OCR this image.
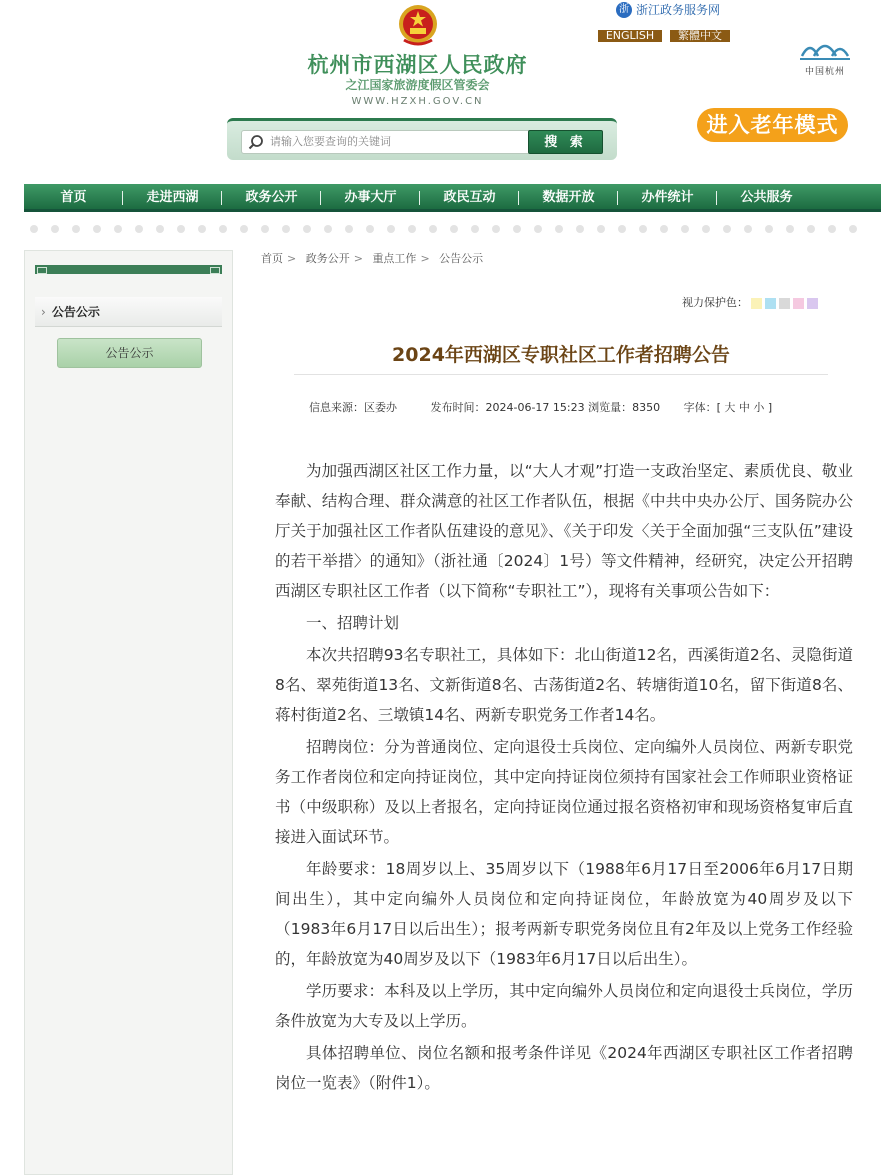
杭州市西湖区人民政府
之江国家旅游度假区管委会
WWW.HZXH.GOV.CN
浙 浙江政务服务网
ENGLISH	繁體中文
中国杭州
请输入您要查询的关键词	搜 索
进入老年模式
首页	走进西湖	政务公开	办事大厅	政民互动	数据开放	办件统计	公共服务
› 公告公示
公告公示
首页 > 政务公开 > 重点工作 > 公告公示
视力保护色：
2024年西湖区专职社区工作者招聘公告
信息来源：区委办	发布时间：2024-06-17 15:23 浏览量：8350 字体：[ 大 中 小 ]

为加强西湖区社区工作力量，以“大人才观”打造一支政治坚定、素质优良、敬业奉献、结构合理、群众满意的社区工作者队伍，根据《中共中央办公厅、国务院办公厅关于加强社区工作者队伍建设的意见》、《关于印发〈关于全面加强“三支队伍”建设的若干举措〉的通知》（浙社通〔2024〕1号）等文件精神，经研究，决定公开招聘西湖区专职社区工作者（以下简称“专职社工”），现将有关事项公告如下：

一、招聘计划

本次共招聘93名专职社工，具体如下：北山街道12名，西溪街道2名、灵隐街道8名、翠苑街道13名、文新街道8名、古荡街道2名、转塘街道10名，留下街道8名、蒋村街道2名、三墩镇14名、两新专职党务工作者14名。

招聘岗位：分为普通岗位、定向退役士兵岗位、定向编外人员岗位、两新专职党务工作者岗位和定向持证岗位，其中定向持证岗位须持有国家社会工作师职业资格证书（中级职称）及以上者报名，定向持证岗位通过报名资格初审和现场资格复审后直接进入面试环节。

年龄要求：18周岁以上、35周岁以下（1988年6月17日至2006年6月17日期间出生），其中定向编外人员岗位和定向持证岗位，年龄放宽为40周岁及以下（1983年6月17日以后出生）；报考两新专职党务岗位且有2年及以上党务工作经验的，年龄放宽为40周岁及以下（1983年6月17日以后出生）。

学历要求：本科及以上学历，其中定向编外人员岗位和定向退役士兵岗位，学历条件放宽为大专及以上学历。

具体招聘单位、岗位名额和报考条件详见《2024年西湖区专职社区工作者招聘岗位一览表》（附件1）。
